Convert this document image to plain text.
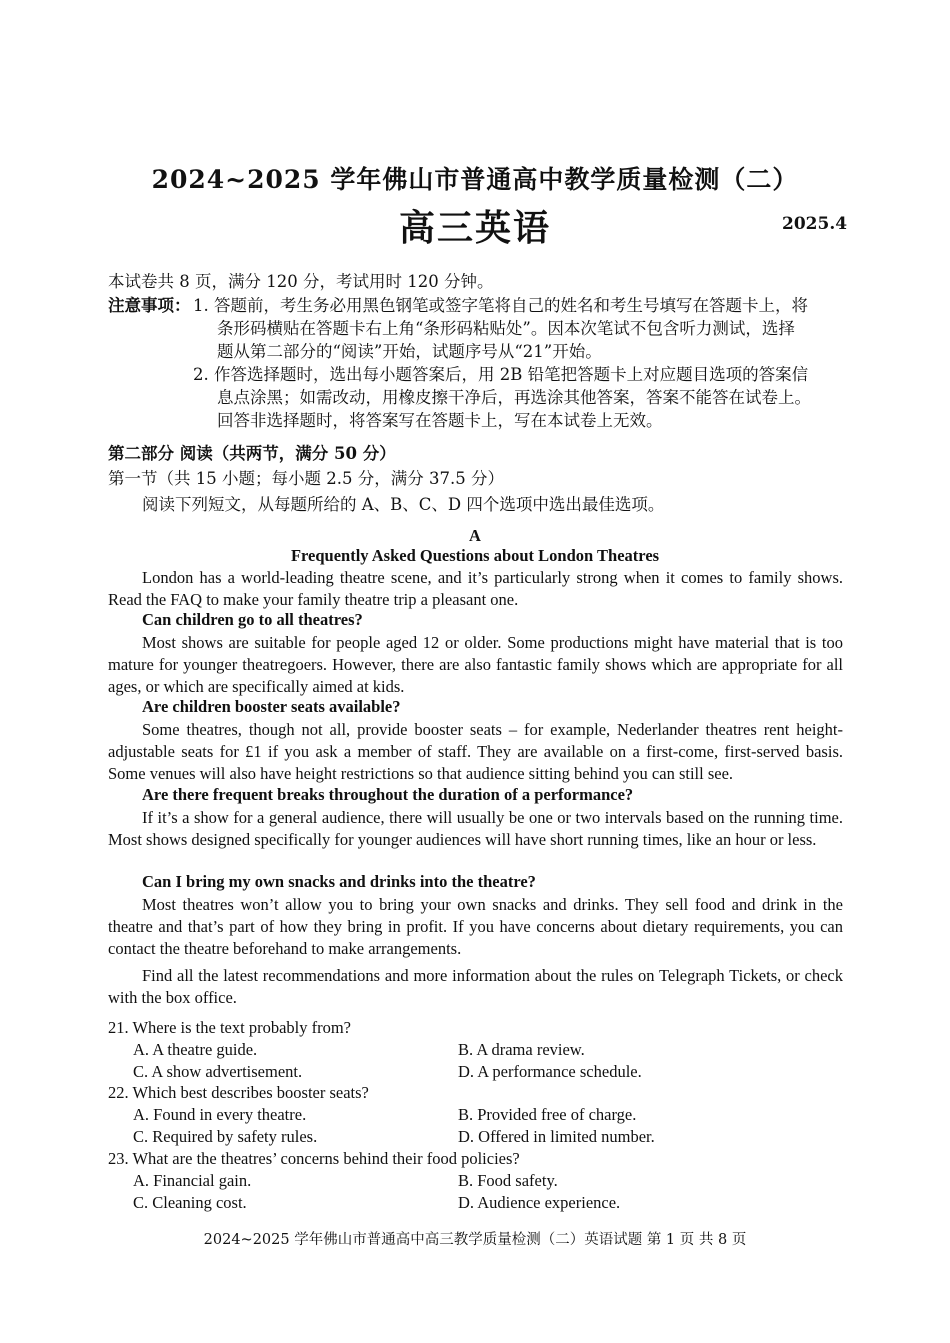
2024~2025 学年佛山市普通高中教学质量检测（二）
高三英语	2025.4
本试卷共 8 页，满分 120 分，考试用时 120 分钟。
注意事项： 1. 答题前，考生务必用黑色钢笔或签字笔将自己的姓名和考生号填写在答题卡上，将
条形码横贴在答题卡右上角“条形码粘贴处”。因本次笔试不包含听力测试，选择
题从第二部分的“阅读”开始，试题序号从“21”开始。
2. 作答选择题时，选出每小题答案后，用 2B 铅笔把答题卡上对应题目选项的答案信
息点涂黑；如需改动，用橡皮擦干净后，再选涂其他答案，答案不能答在试卷上。
回答非选择题时，将答案写在答题卡上，写在本试卷上无效。
第二部分 阅读（共两节，满分 50 分）
第一节（共 15 小题；每小题 2.5 分，满分 37.5 分）
阅读下列短文，从每题所给的 A、B、C、D 四个选项中选出最佳选项。
A
Frequently Asked Questions about London Theatres
London has a world-leading theatre scene, and it’s particularly strong when it comes to family shows. Read the FAQ to make your family theatre trip a pleasant one.
Can children go to all theatres?
Most shows are suitable for people aged 12 or older. Some productions might have material that is too mature for younger theatregoers. However, there are also fantastic family shows which are appropriate for all ages, or which are specifically aimed at kids.
Are children booster seats available?
Some theatres, though not all, provide booster seats – for example, Nederlander theatres rent height-adjustable seats for £1 if you ask a member of staff. They are available on a first-come, first-served basis. Some venues will also have height restrictions so that audience sitting behind you can still see.
Are there frequent breaks throughout the duration of a performance?
If it’s a show for a general audience, there will usually be one or two intervals based on the running time. Most shows designed specifically for younger audiences will have short running times, like an hour or less.
Can I bring my own snacks and drinks into the theatre?
Most theatres won’t allow you to bring your own snacks and drinks. They sell food and drink in the theatre and that’s part of how they bring in profit. If you have concerns about dietary requirements, you can contact the theatre beforehand to make arrangements.
Find all the latest recommendations and more information about the rules on Telegraph Tickets, or check with the box office.
21. Where is the text probably from?
A. A theatre guide.	B. A drama review.
C. A show advertisement.	D. A performance schedule.
22. Which best describes booster seats?
A. Found in every theatre.	B. Provided free of charge.
C. Required by safety rules.	D. Offered in limited number.
23. What are the theatres’ concerns behind their food policies?
A. Financial gain.	B. Food safety.
C. Cleaning cost.	D. Audience experience.
2024~2025 学年佛山市普通高中高三教学质量检测（二）英语试题 第 1 页 共 8 页
